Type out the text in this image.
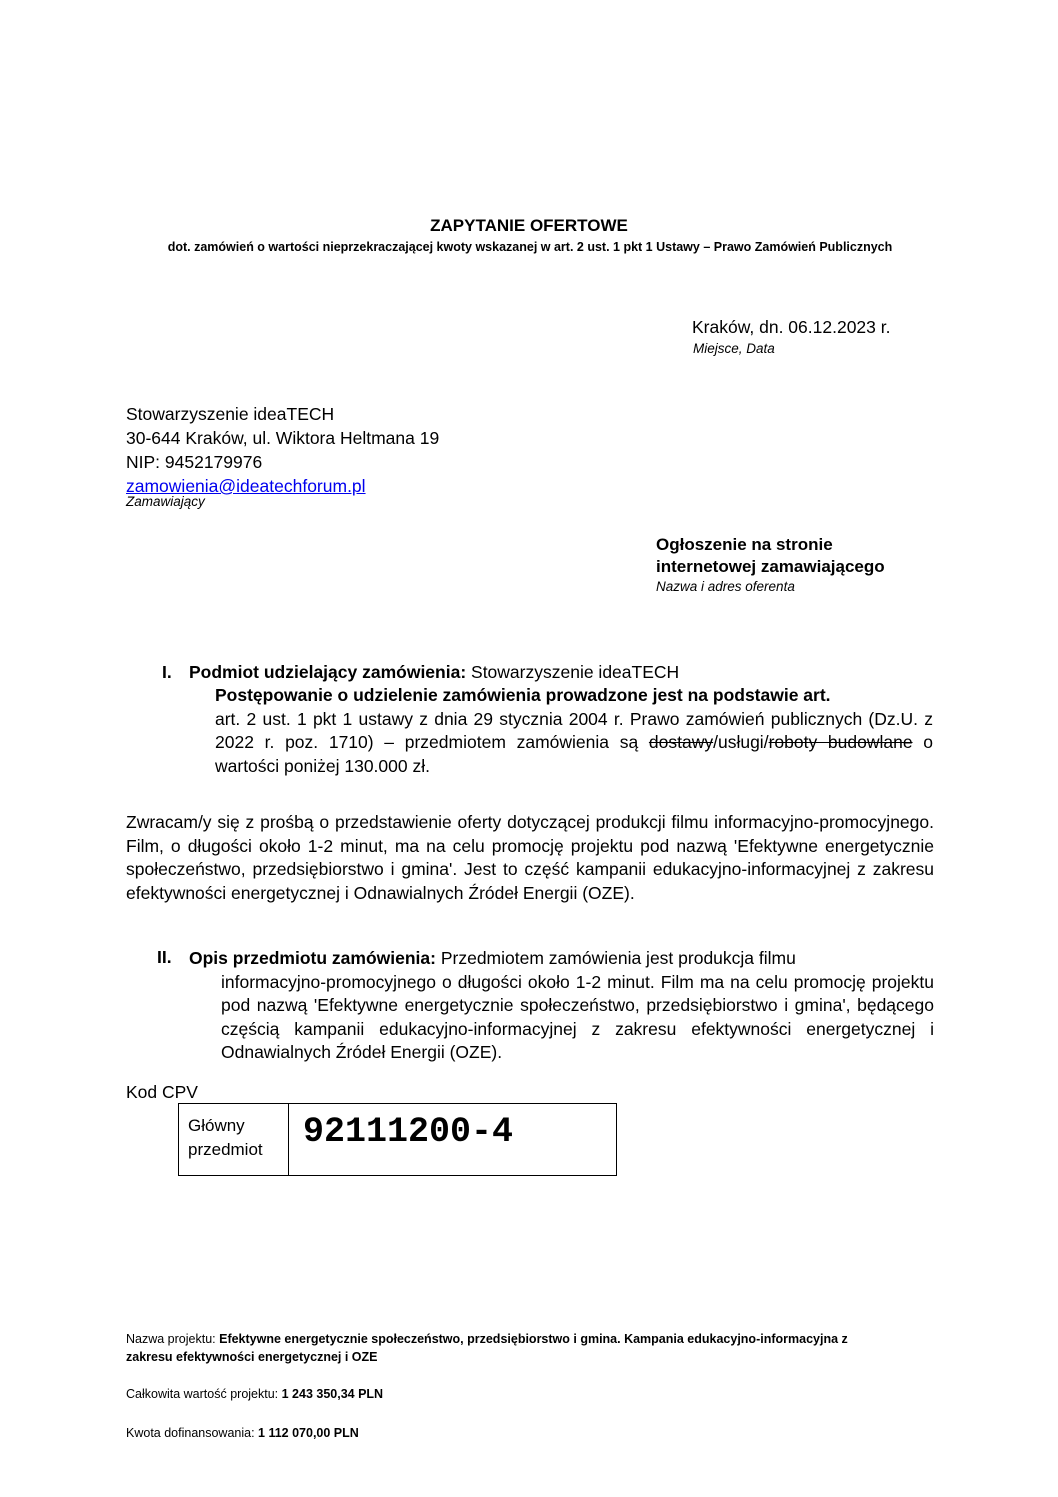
ZAPYTANIE OFERTOWE
dot. zamówień o wartości nieprzekraczającej kwoty wskazanej w art. 2 ust. 1 pkt 1 Ustawy – Prawo Zamówień Publicznych
Kraków, dn. 06.12.2023 r.
Miejsce, Data
Stowarzyszenie ideaTECH
30-644 Kraków, ul. Wiktora Heltmana 19
NIP: 9452179976
zamowienia@ideatechforum.pl
Zamawiający
Ogłoszenie na stronie
internetowej zamawiającego
Nazwa i adres oferenta
I. Podmiot udzielający zamówienia: Stowarzyszenie ideaTECH
Postępowanie o udzielenie zamówienia prowadzone jest na podstawie art.
art. 2 ust. 1 pkt 1 ustawy z dnia 29 stycznia 2004 r. Prawo zamówień publicznych (Dz.U. z 2022 r. poz. 1710) – przedmiotem zamówienia są dostawy/usługi/roboty budowlane o wartości poniżej 130.000 zł.
Zwracam/y się z prośbą o przedstawienie oferty dotyczącej produkcji filmu informacyjno-promocyjnego. Film, o długości około 1-2 minut, ma na celu promocję projektu pod nazwą 'Efektywne energetycznie społeczeństwo, przedsiębiorstwo i gmina'. Jest to część kampanii edukacyjno-informacyjnej z zakresu efektywności energetycznej i Odnawialnych Źródeł Energii (OZE).
II. Opis przedmiotu zamówienia: Przedmiotem zamówienia jest produkcja filmu
informacyjno-promocyjnego o długości około 1-2 minut. Film ma na celu promocję projektu pod nazwą 'Efektywne energetycznie społeczeństwo, przedsiębiorstwo i gmina', będącego częścią kampanii edukacyjno-informacyjnej z zakresu efektywności energetycznej i Odnawialnych Źródeł Energii (OZE).
Kod CPV
Główny
przedmiot	92111200-4
Nazwa projektu: Efektywne energetycznie społeczeństwo, przedsiębiorstwo i gmina. Kampania edukacyjno-informacyjna z zakresu efektywności energetycznej i OZE
Całkowita wartość projektu: 1 243 350,34 PLN
Kwota dofinansowania: 1 112 070,00 PLN
